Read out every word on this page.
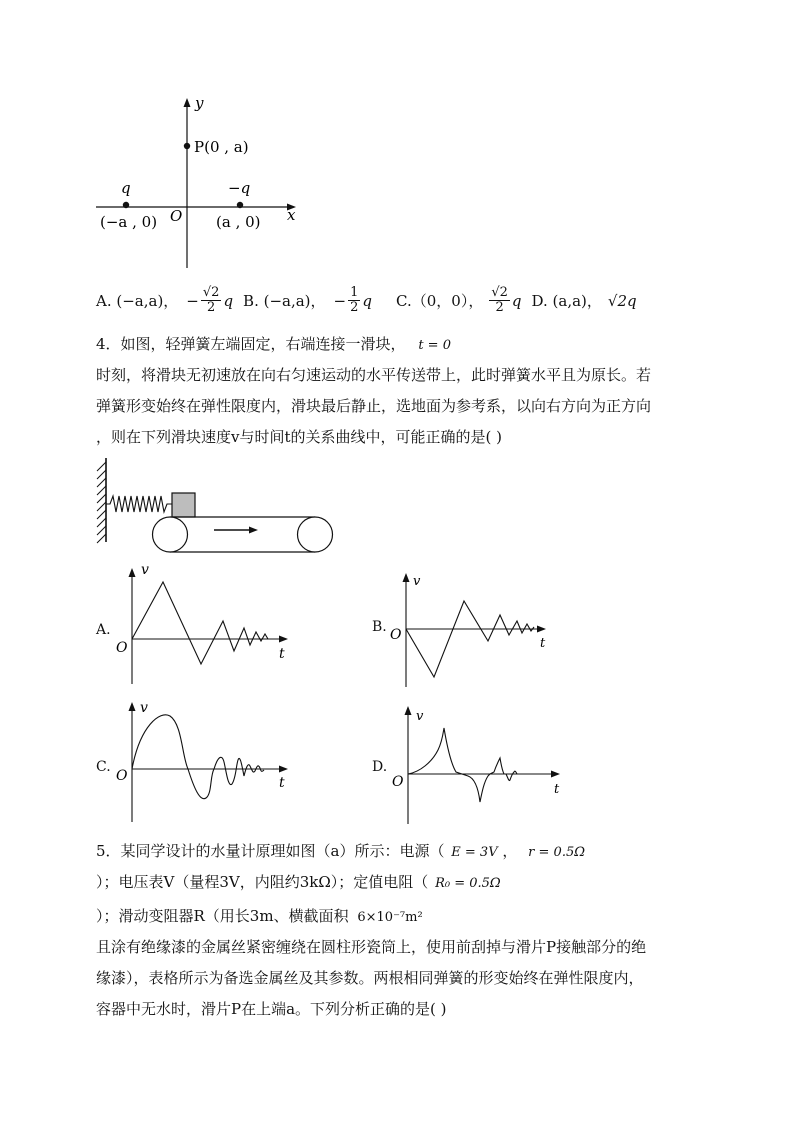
y
x
O
P(0 , a)
q	−q
(−a , 0)	(a , 0)
A. (−a,a)， − $\frac{√2}{2}$ q B. (−a,a)， − $\frac{1}{2}$ q C.（0，0）， $\frac{√2}{2}$ q D. (a,a)， √2q
4．如图，轻弹簧左端固定，右端连接一滑块， t = 0
时刻，将滑块无初速放在向右匀速运动的水平传送带上，此时弹簧水平且为原长。若
弹簧形变始终在弹性限度内，滑块最后静止，选地面为参考系，以向右方向为正方向
，则在下列滑块速度v与时间t的关系曲线中，可能正确的是( )
v
O	t
A.
v
O
t
B.
v
O	t
C.
v
O	t
D.
5．某同学设计的水量计原理如图（a）所示：电源（ E = 3V ， r = 0.5Ω
）；电压表V（量程3V，内阻约3kΩ）；定值电阻（ R₀ = 0.5Ω
）；滑动变阻器R（用长3m、横截面积 6×10⁻⁷m²
且涂有绝缘漆的金属丝紧密缠绕在圆柱形瓷筒上，使用前刮掉与滑片P接触部分的绝
缘漆），表格所示为备选金属丝及其参数。两根相同弹簧的形变始终在弹性限度内，
容器中无水时，滑片P在上端a。下列分析正确的是( )
